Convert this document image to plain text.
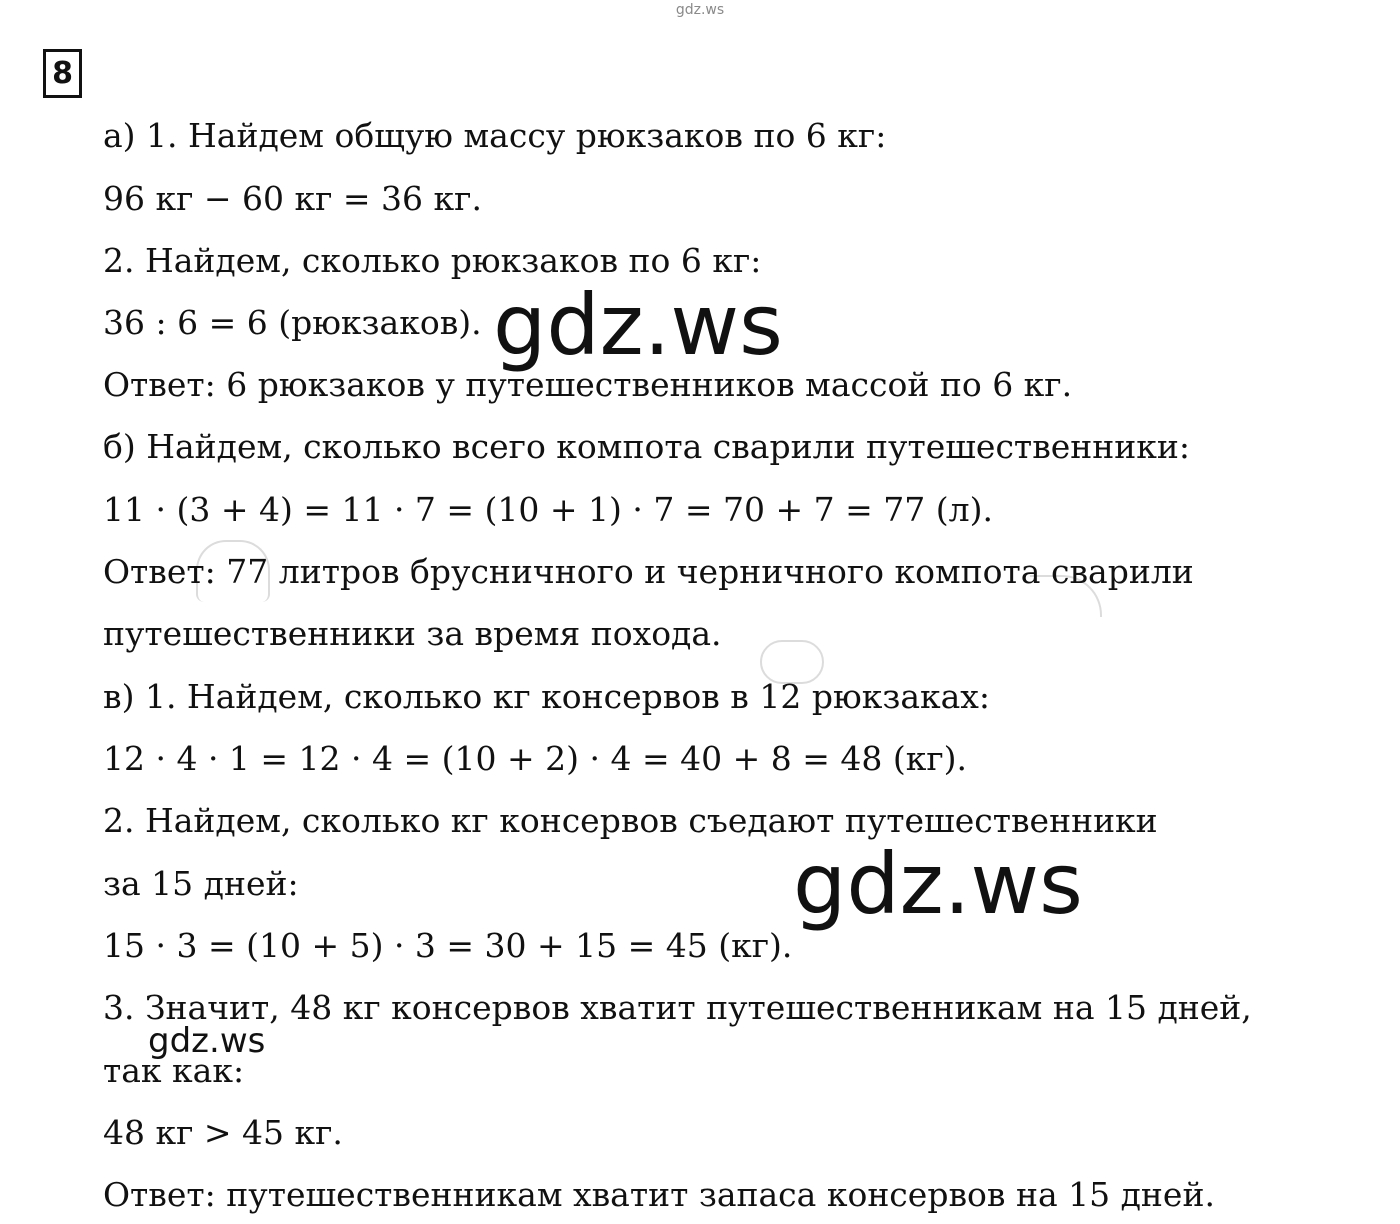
gdz.ws
8
а) 1. Найдем общую массу рюкзаков по 6 кг:
96 кг − 60 кг = 36 кг.
2. Найдем, сколько рюкзаков по 6 кг:
36 : 6 = 6 (рюкзаков).
Ответ: 6 рюкзаков у путешественников массой по 6 кг.
б) Найдем, сколько всего компота сварили путешественники:
11 · (3 + 4) = 11 · 7 = (10 + 1) · 7 = 70 + 7 = 77 (л).
Ответ: 77 литров брусничного и черничного компота сварили
путешественники за время похода.
в) 1. Найдем, сколько кг консервов в 12 рюкзаках:
12 · 4 · 1 = 12 · 4 = (10 + 2) · 4 = 40 + 8 = 48 (кг).
2. Найдем, сколько кг консервов съедают путешественники
за 15 дней:
15 · 3 = (10 + 5) · 3 = 30 + 15 = 45 (кг).
3. Значит, 48 кг консервов хватит путешественникам на 15 дней,
так как:
48 кг > 45 кг.
Ответ: путешественникам хватит запаса консервов на 15 дней.
gdz.ws
gdz.ws
gdz.ws
